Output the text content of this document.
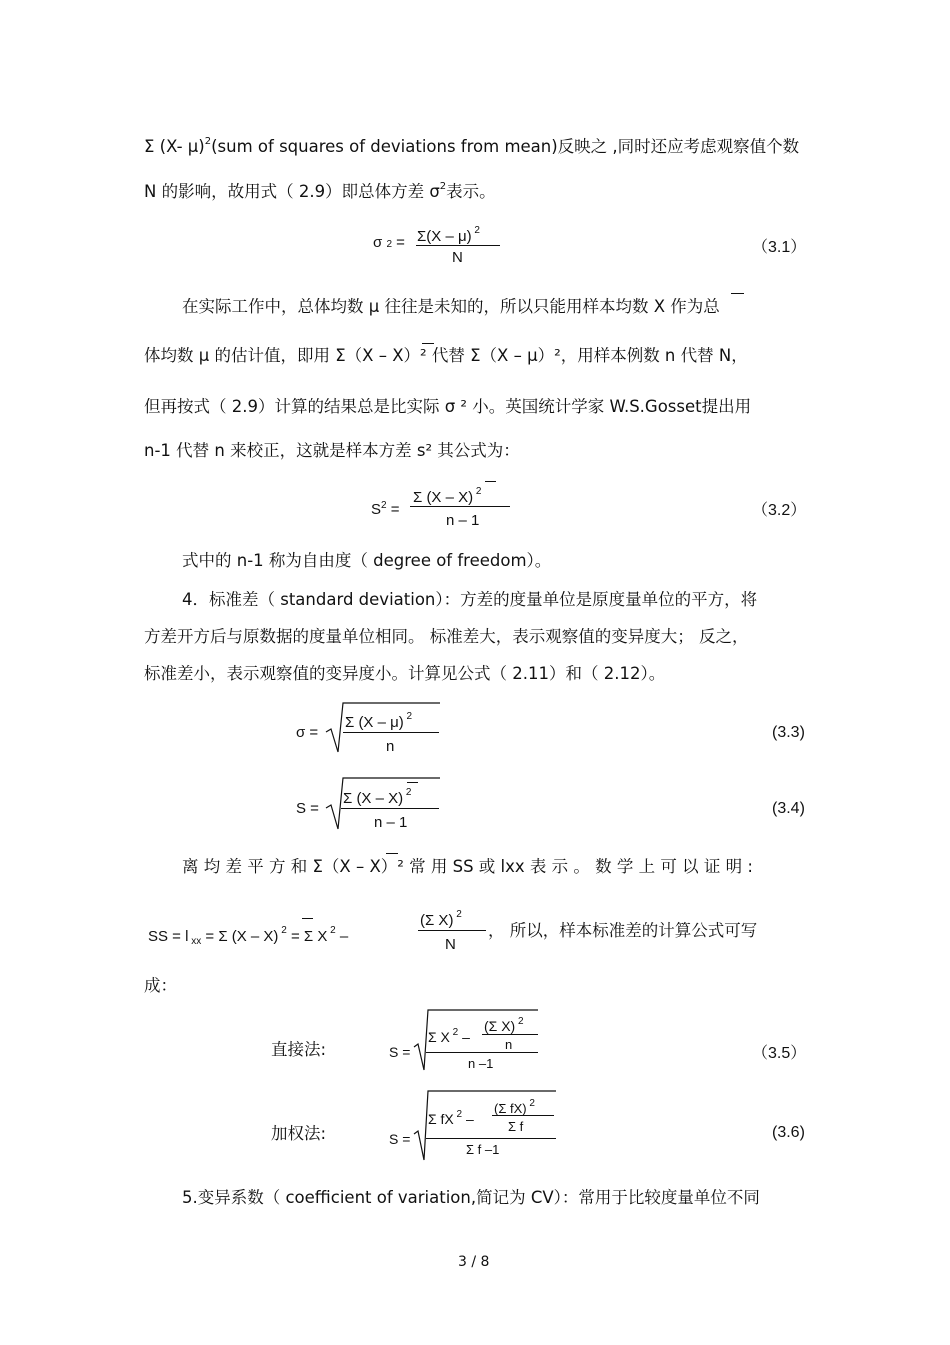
Σ (X- μ)$^2$(sum of squares of deviations from mean)反映之 ,同时还应考虑观察值个数
N 的影响，故用式（ 2.9）即总体方差 $\sigma^2$表示。
σ 2 = Σ(X – μ) $^2$
N
（3.1）
在实际工作中，总体均数 μ 往往是未知的，所以只能用样本均数 X 作为总
体均数 μ 的估计值，即用 Σ（X – X）² 代替 Σ（X – μ）²，用样本例数 n 代替 N，
但再按式（ 2.9）计算的结果总是比实际 σ ² 小。英国统计学家 W.S.Gosset提出用
n-1 代替 n 来校正，这就是样本方差 s² 其公式为：
$S^2$ =
Σ (X – X) $^2$
n – 1
（3.2）
式中的 n-1 称为自由度（ degree of freedom）。
4．标准差（ standard deviation）：方差的度量单位是原度量单位的平方，将
方差开方后与原数据的度量单位相同。 标准差大，表示观察值的变异度大； 反之，
标准差小，表示观察值的变异度小。计算见公式（ 2.11）和（ 2.12）。
σ =
Σ (X – μ) $^2$
n
(3.3)
S =
Σ (X – X) $^2$
n – 1
(3.4)
离 均 差 平 方 和 Σ（X – X）² 常 用 SS 或 lxx 表 示 。 数 学 上 可 以 证 明 :
SS = l $_{xx}$ = Σ (X – X) $^2$ = Σ X $^2$ –
(Σ X) $^2$
N
， 所以，样本标准差的计算公式可写
成：
直接法:	S =
Σ X $^2$ –
(Σ X) $^2$
n
n –1
（3.5）
加权法:	S =
Σ fX $^2$ –
(Σ fX) $^2$
Σ f
Σ f –1
(3.6)
5.变异系数（ coefficient of variation,简记为 CV）：常用于比较度量单位不同
3 / 8
